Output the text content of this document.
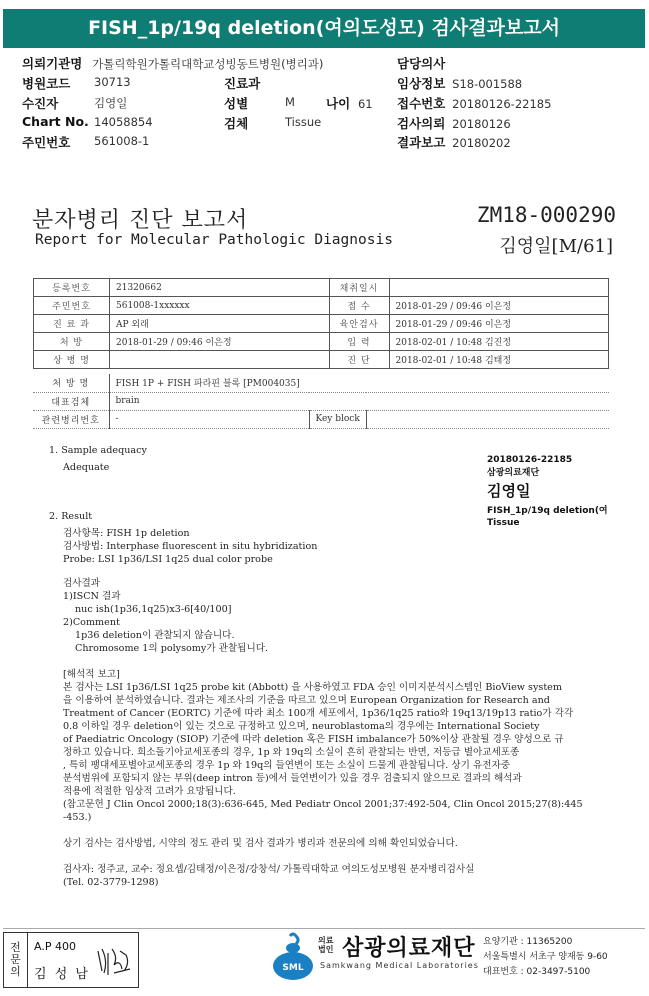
FISH_1p/19q deletion(여의도성모) 검사결과보고서
의뢰기관명 가톨릭학원가톨릭대학교성빙동트병원(병리과)	담당의사
병원코드 30713	진료과	임상정보 S18-001588
수진자	김영일	성별	M 나이 61 접수번호 20180126-22185
Chart No. 14058854	검체	Tissue	검사의뢰 20180126
주민번호 561008-1	결과보고 20180202
분자병리 진단 보고서
Report for Molecular Pathologic Diagnosis
ZM18-000290
김영일[M/61]
등록번호	21320662	채취일시	
주민번호	561008-1xxxxxx	접 수	2018-01-29 / 09:46 이은정
진 료 과	AP 외래	육안검사	2018-01-29 / 09:46 이은정
처 방	2018-01-29 / 09:46 이은정	입 력	2018-02-01 / 10:48 김진정
상 병 명		진 단	2018-02-01 / 10:48 김태정
처 방 명	FISH 1P + FISH 파라핀 블록 [PM004035]		
대표검체	brain		
관련병리번호	-	Key block	
20180126-22185
삼광의료재단
김영일
FISH_1p/19q deletion(여
Tissue
1. Sample adequacy
Adequate
2. Result
검사항목: FISH 1p deletion
검사방법: Interphase fluorescent in situ hybridization
Probe: LSI 1p36/LSI 1q25 dual color probe
검사결과
1)ISCN 결과
nuc ish(1p36,1q25)x3-6[40/100]
2)Comment
1p36 deletion이 관찰되지 않습니다.
Chromosome 1의 polysomy가 관찰됩니다.
[해석적 보고]
본 검사는 LSI 1p36/LSI 1q25 probe kit (Abbott) 을 사용하였고 FDA 승인 이미지분석시스템인 BioView system
을 이용하여 분석하였습니다. 결과는 제조사의 기준을 따르고 있으며 European Organization for Research and
Treatment of Cancer (EORTC) 기준에 따라 최소 100개 세포에서, 1p36/1q25 ratio와 19q13/19p13 ratio가 각각
0.8 이하일 경우 deletion이 있는 것으로 규정하고 있으며, neuroblastoma의 경우에는 International Society
of Paediatric Oncology (SIOP) 기준에 따라 deletion 혹은 FISH imbalance가 50%이상 관찰될 경우 양성으로 규
정하고 있습니다. 희소돌기아교세포종의 경우, 1p 와 19q의 소실이 흔히 관찰되는 반면, 저등급 별아교세포종
, 특히 팽대세포별아교세포종의 경우 1p 와 19q의 들연변이 또는 소실이 드물게 관찰됩니다. 상기 유전자중
분석범위에 포함되지 않는 부위(deep intron 등)에서 들연변이가 있을 경우 검출되지 않으므로 결과의 해석과
적용에 적절한 임상적 고려가 요망됩니다.
(참고문헌 J Clin Oncol 2000;18(3):636-645, Med Pediatr Oncol 2001;37:492-504, Clin Oncol 2015;27(8):445
-453.)
상기 검사는 검사방법, 시약의 정도 관리 및 검사 결과가 병리과 전문의에 의해 확인되었습니다.
검사자: 정주교, 교수: 정요셉/김태정/이은정/강창석/ 가톨릭대학교 여의도성모병원 분자병리검사실
(Tel. 02-3779-1298)
전
문
의
A.P 400
김 성 남	SML
의료
법인 삼광의료재단
Samkwang Medical Laboratories
요양기관 : 11365200
서울특별시 서초구 양재동 9-60
대표번호 : 02-3497-5100
